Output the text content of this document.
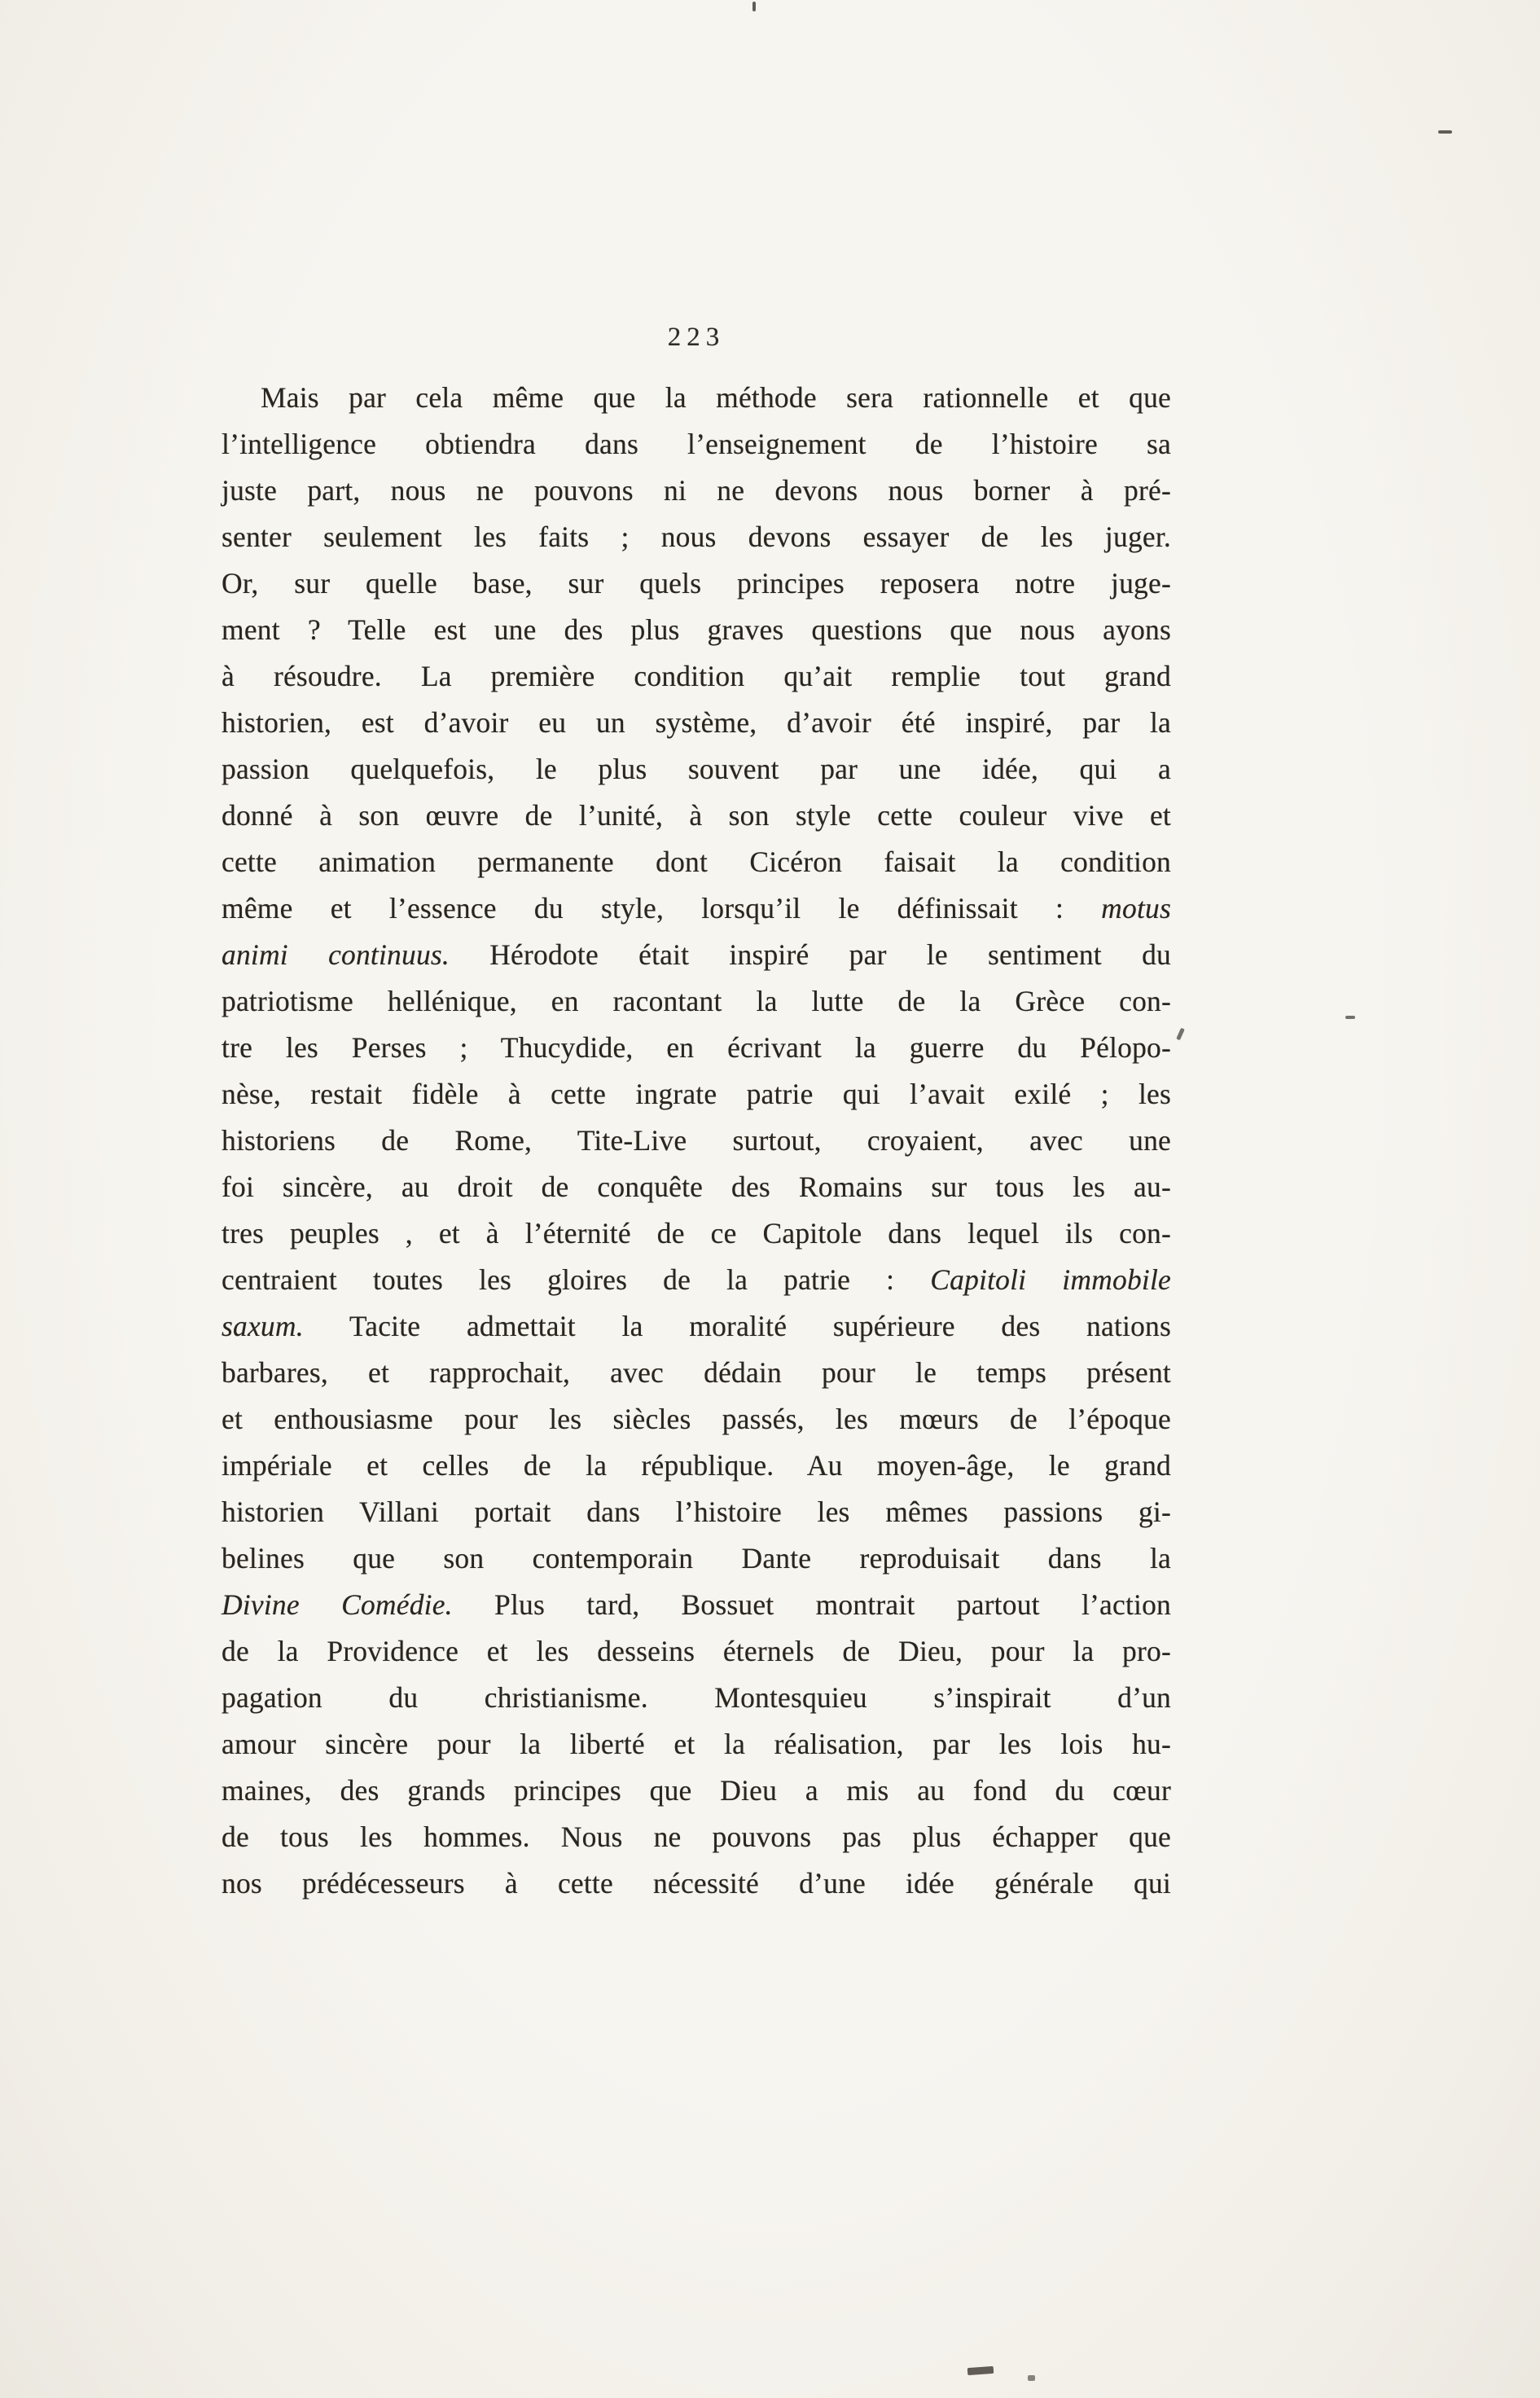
223
Mais par cela même que la méthode sera rationnelle et que
l’intelligence obtiendra dans l’enseignement de l’histoire sa
juste part, nous ne pouvons ni ne devons nous borner à pré-
senter seulement les faits ; nous devons essayer de les juger.
Or, sur quelle base, sur quels principes reposera notre juge-
ment ? Telle est une des plus graves questions que nous ayons
à résoudre. La première condition qu’ait remplie tout grand
historien, est d’avoir eu un système, d’avoir été inspiré, par la
passion quelquefois, le plus souvent par une idée, qui a
donné à son œuvre de l’unité, à son style cette couleur vive et
cette animation permanente dont Cicéron faisait la condition
même et l’essence du style, lorsqu’il le définissait : motus
animi continuus. Hérodote était inspiré par le sentiment du
patriotisme hellénique, en racontant la lutte de la Grèce con-
tre les Perses ; Thucydide, en écrivant la guerre du Pélopo-
nèse, restait fidèle à cette ingrate patrie qui l’avait exilé ; les
historiens de Rome, Tite-Live surtout, croyaient, avec une
foi sincère, au droit de conquête des Romains sur tous les au-
tres peuples , et à l’éternité de ce Capitole dans lequel ils con-
centraient toutes les gloires de la patrie : Capitoli immobile
saxum. Tacite admettait la moralité supérieure des nations
barbares, et rapprochait, avec dédain pour le temps présent
et enthousiasme pour les siècles passés, les mœurs de l’époque
impériale et celles de la république. Au moyen-âge, le grand
historien Villani portait dans l’histoire les mêmes passions gi-
belines que son contemporain Dante reproduisait dans la
Divine Comédie. Plus tard, Bossuet montrait partout l’action
de la Providence et les desseins éternels de Dieu, pour la pro-
pagation du christianisme. Montesquieu s’inspirait d’un
amour sincère pour la liberté et la réalisation, par les lois hu-
maines, des grands principes que Dieu a mis au fond du cœur
de tous les hommes. Nous ne pouvons pas plus échapper que
nos prédécesseurs à cette nécessité d’une idée générale qui
